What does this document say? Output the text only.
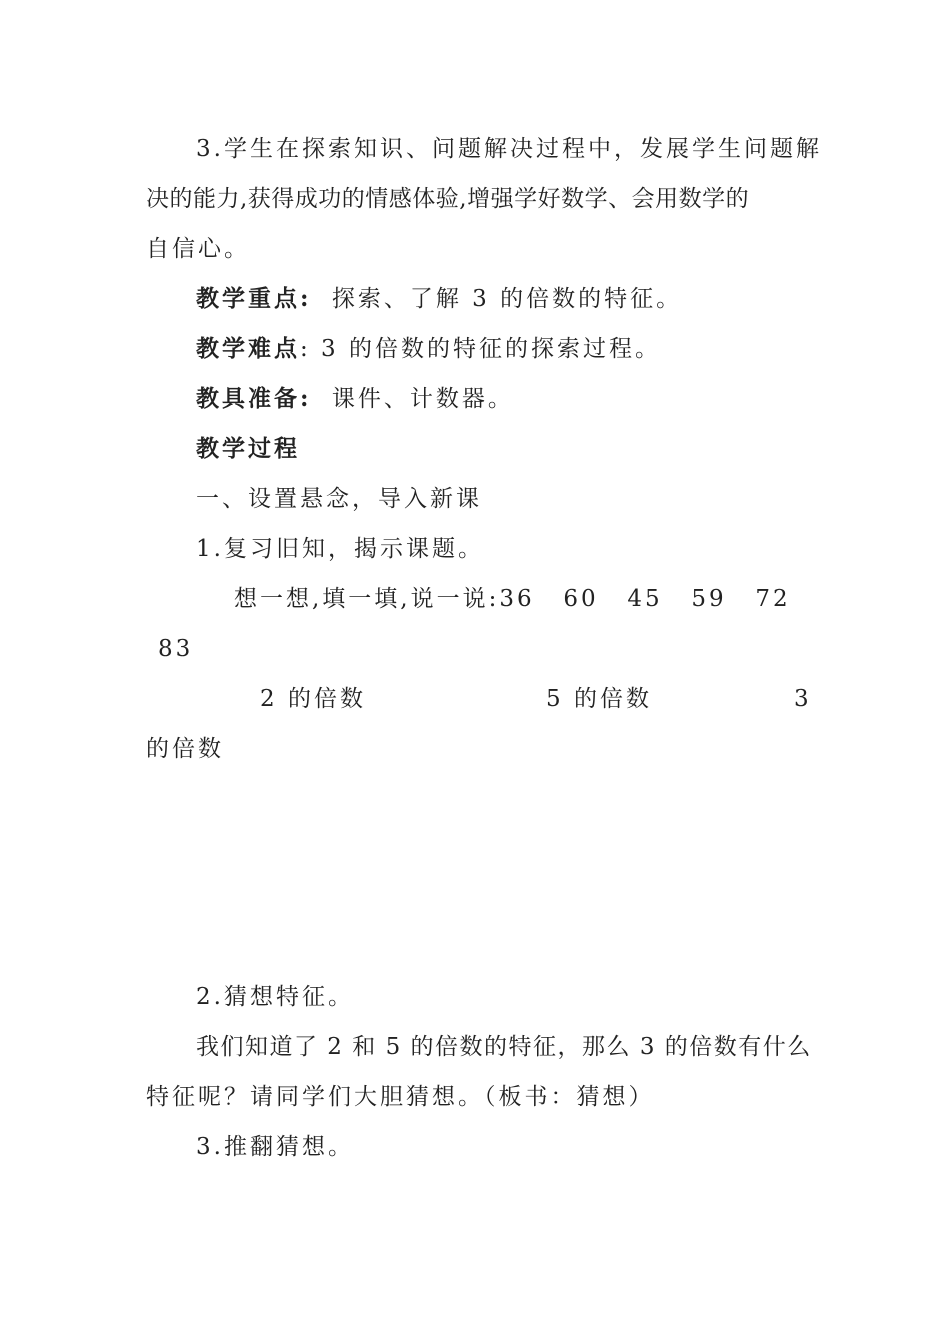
3.学生在探索知识、问题解决过程中，发展学生问题解
决的能力,获得成功的情感体验,增强学好数学、会用数学的
自信心。
教学重点: 探索、了解 3 的倍数的特征。
教学难点: 3 的倍数的特征的探索过程。
教具准备: 课件、计数器。
教学过程
一、设置悬念，导入新课
1.复习旧知，揭示课题。
想一想,填一填,说一说:36 60 45 59 72
83
2 的倍数	5 的倍数	3
的倍数
2.猜想特征。
我们知道了 2 和 5 的倍数的特征，那么 3 的倍数有什么
特征呢？请同学们大胆猜想。（板书：猜想）
3.推翻猜想。
